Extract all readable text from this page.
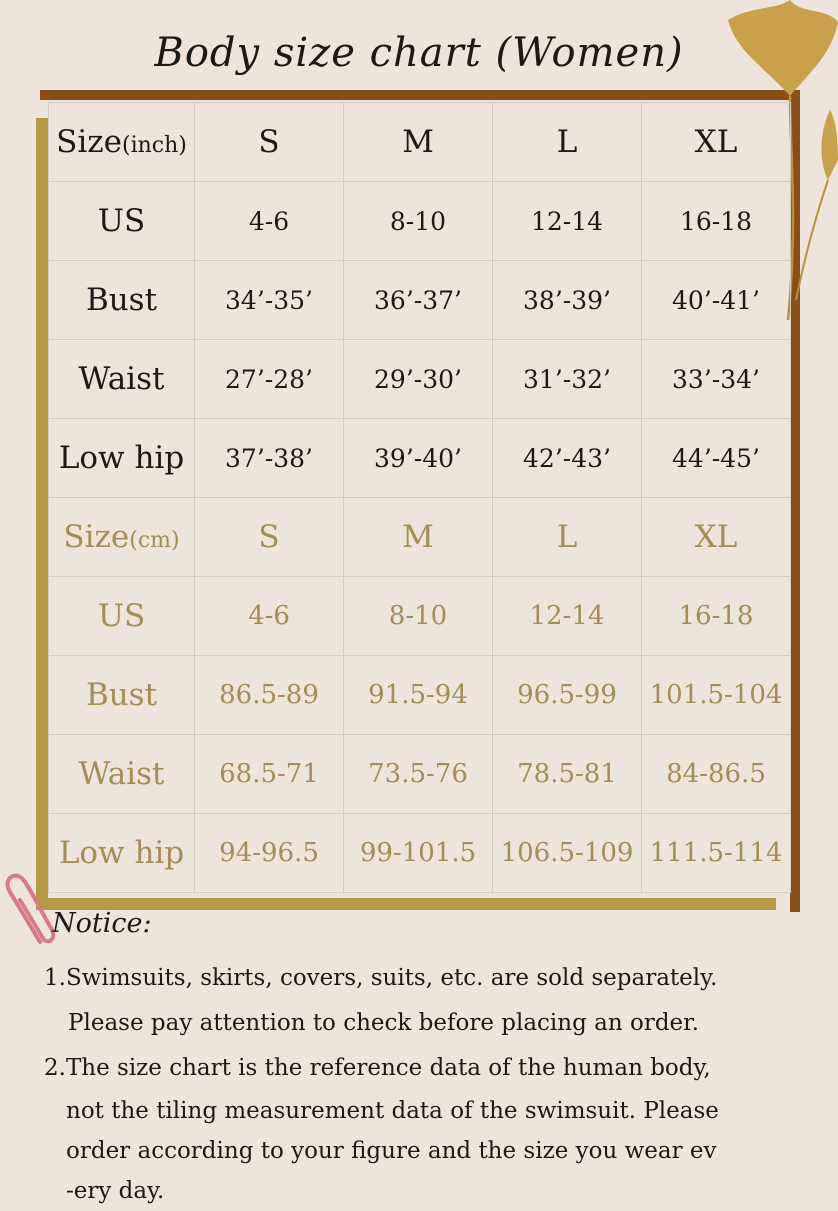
Body size chart (Women)
Size(inch)	S	M	L	XL
US	4-6	8-10	12-14	16-18
Bust	34’-35’	36’-37’	38’-39’	40’-41’
Waist	27’-28’	29’-30’	31’-32’	33’-34’
Low hip	37’-38’	39’-40’	42’-43’	44’-45’
Size(cm)	S	M	L	XL
US	4-6	8-10	12-14	16-18
Bust	86.5-89	91.5-94	96.5-99	101.5-104
Waist	68.5-71	73.5-76	78.5-81	84-86.5
Low hip	94-96.5	99-101.5	106.5-109	111.5-114
Notice:

1.Swimsuits, skirts, covers, suits, etc. are sold separately.

Please pay attention to check before placing an order.

2.The size chart is the reference data of the human body,

not the tiling measurement data of the swimsuit. Please

order according to your figure and the size you wear ev

-ery day.
